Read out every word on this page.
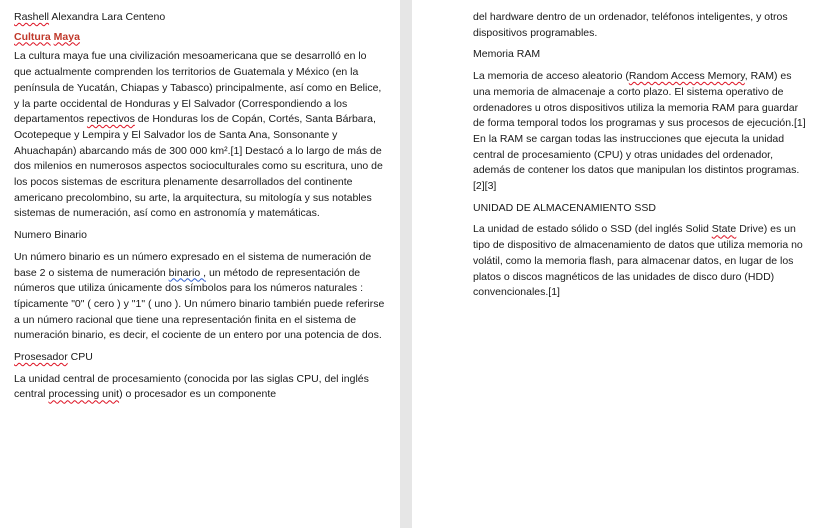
Rashell Alexandra Lara Centeno
Cultura Maya

La cultura maya fue una civilización mesoamericana que se desarrolló en lo que actualmente comprenden los territorios de Guatemala y México (en la península de Yucatán, Chiapas y Tabasco) principalmente, así como en Belice, y la parte occidental de Honduras y El Salvador (Correspondiendo a los departamentos repectivos de Honduras los de Copán, Cortés, Santa Bárbara, Ocotepeque y Lempira y El Salvador los de Santa Ana, Sonsonante y Ahuachapán) abarcando más de 300 000 km².[1] Destacó a lo largo de más de dos milenios en numerosos aspectos socioculturales como su escritura, uno de los pocos sistemas de escritura plenamente desarrollados del continente americano precolombino, su arte, la arquitectura, su mitología y sus notables sistemas de numeración, así como en astronomía y matemáticas.

Numero Binario

Un número binario es un número expresado en el sistema de numeración de base 2 o sistema de numeración binario , un método de representación de números que utiliza únicamente dos símbolos para los números naturales : típicamente "0" ( cero ) y "1" ( uno ). Un número binario también puede referirse a un número racional que tiene una representación finita en el sistema de numeración binario, es decir, el cociente de un entero por una potencia de dos.

Prosesador CPU

La unidad central de procesamiento (conocida por las siglas CPU, del inglés central processing unit) o procesador es un componente

del hardware dentro de un ordenador, teléfonos inteligentes, y otros dispositivos programables.

Memoria RAM

La memoria de acceso aleatorio (Random Access Memory, RAM) es una memoria de almacenaje a corto plazo. El sistema operativo de ordenadores u otros dispositivos utiliza la memoria RAM para guardar de forma temporal todos los programas y sus procesos de ejecución.[1] En la RAM se cargan todas las instrucciones que ejecuta la unidad central de procesamiento (CPU) y otras unidades del ordenador, además de contener los datos que manipulan los distintos programas.[2][3]

UNIDAD DE ALMACENAMIENTO SSD

La unidad de estado sólido o SSD (del inglés Solid State Drive) es un tipo de dispositivo de almacenamiento de datos que utiliza memoria no volátil, como la memoria flash, para almacenar datos, en lugar de los platos o discos magnéticos de las unidades de disco duro (HDD) convencionales.[1]
